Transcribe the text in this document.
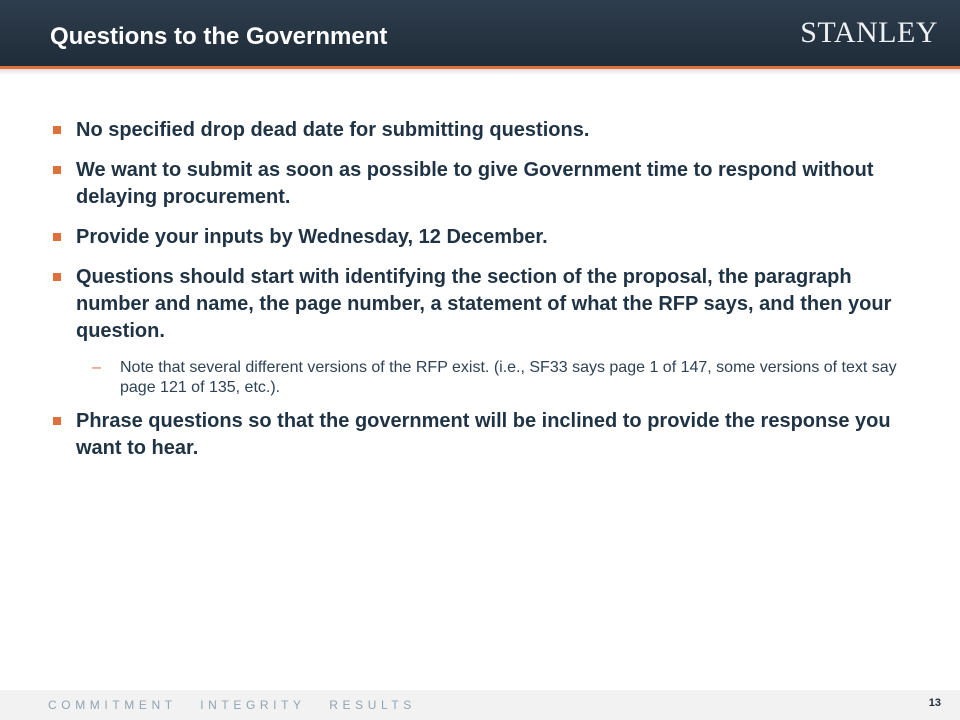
Questions to the Government	STANLEY
No specified drop dead date for submitting questions.
We want to submit as soon as possible to give Government time to respond without delaying procurement.
Provide your inputs by Wednesday, 12 December.
Questions should start with identifying the section of the proposal, the paragraph number and name, the page number, a statement of what the RFP says, and then your question.
– Note that several different versions of the RFP exist. (i.e., SF33 says page 1 of 147, some versions of text say page 121 of 135, etc.).
Phrase questions so that the government will be inclined to provide the response you want to hear.
COMMITMENT   INTEGRITY   RESULTS	13
